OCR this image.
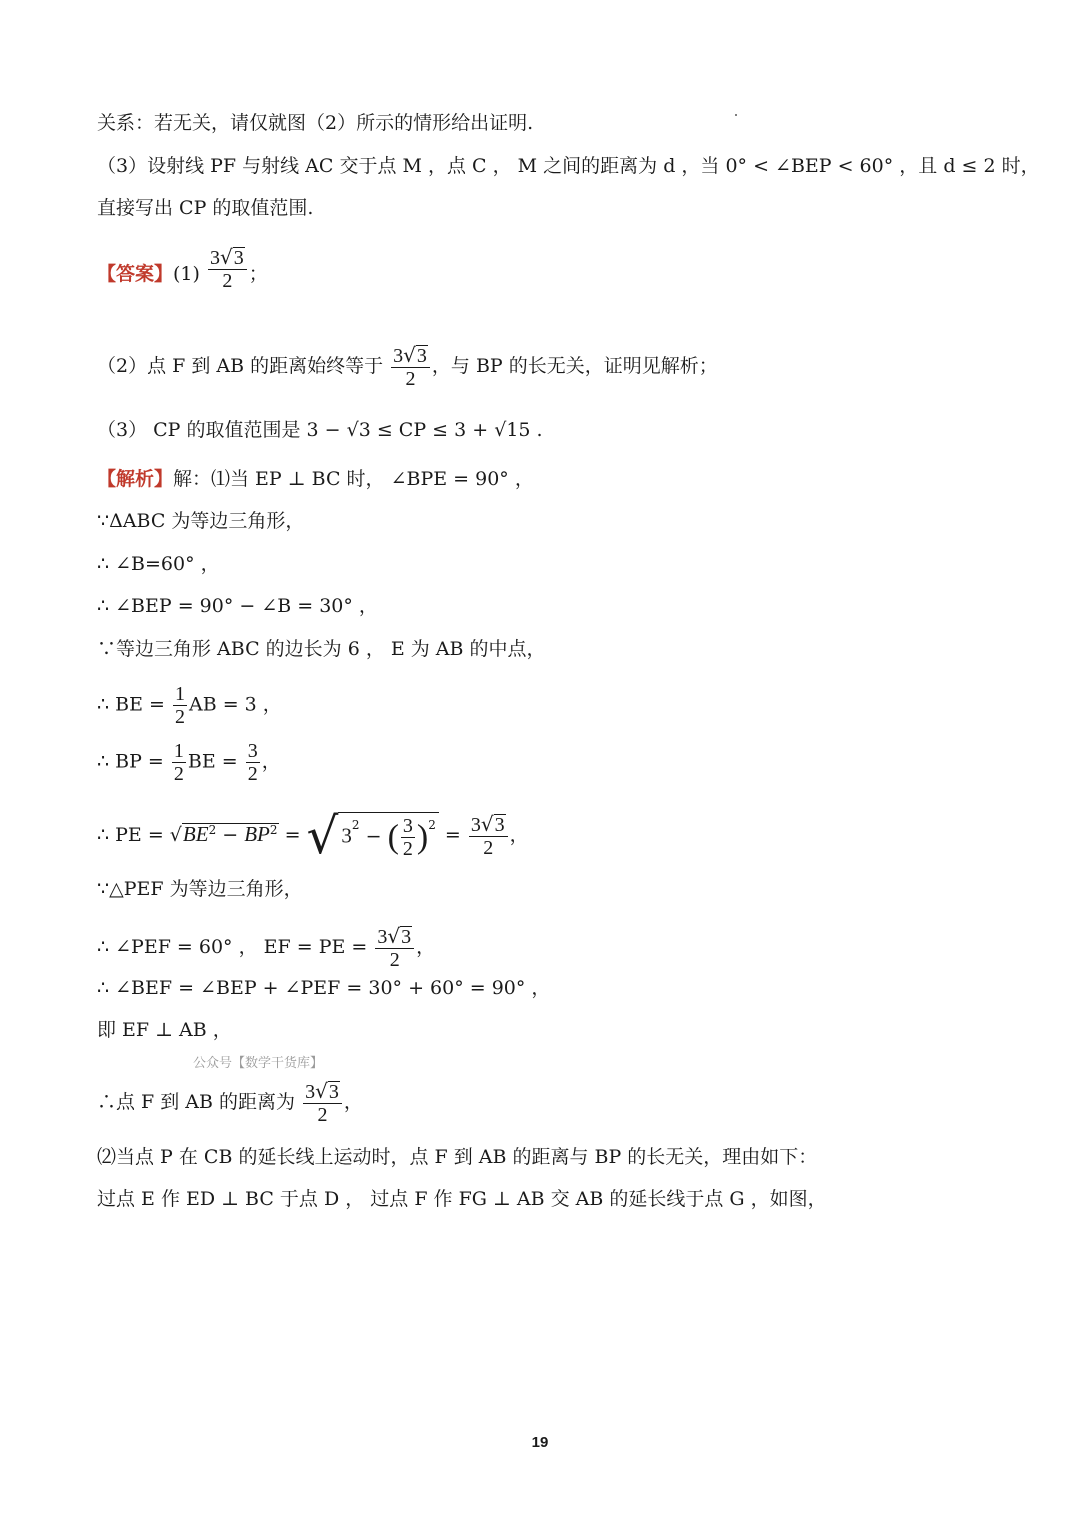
关系：若无关，请仅就图（2）所示的情形给出证明.
（3）设射线 PF 与射线 AC 交于点 M ，点 C ， M 之间的距离为 d ，当 0° < ∠BEP < 60° ，且 d ≤ 2 时，
直接写出 CP 的取值范围.
【答案】$(1) \frac{3√3}{2}$ ；
（2）点 F 到 AB 的距离始终等于 $\frac{3√3}{2}$ ，与 BP 的长无关，证明见解析；
（3） CP 的取值范围是 3 − √3 ≤ CP ≤ 3 + √15 .
【解析】解：⑴当 EP ⊥ BC 时， ∠BPE = 90° ，
∵ΔABC 为等边三角形，
∴ ∠B=60° ，
∴ ∠BEP = 90° − ∠B = 30° ，
∵等边三角形 ABC 的边长为 6 ， E 为 AB 的中点，
∴ BE = $\frac{1}{2}$ AB = 3 ，
∴ BP = $\frac{1}{2}$ BE = $\frac{3}{2}$ ，
∴ PE = $√BE^2 - BP^2$ = √ $3^2$ − ( $\frac{3}{2} )^2 = \frac{3√3}{2}$ ，
∵△PEF 为等边三角形，
∴ ∠PEF = 60° ， EF = PE = $\frac{3√3}{2}$ ，
∴ ∠BEF = ∠BEP + ∠PEF = 30° + 60° = 90° ，
即 EF ⊥ AB ，
公众号【数学干货库】
∴点 F 到 AB 的距离为 $\frac{3√3}{2}$ ，
⑵当点 P 在 CB 的延长线上运动时，点 F 到 AB 的距离与 BP 的长无关，理由如下：
过点 E 作 ED ⊥ BC 于点 D ， 过点 F 作 FG ⊥ AB 交 AB 的延长线于点 G ，如图，
19
